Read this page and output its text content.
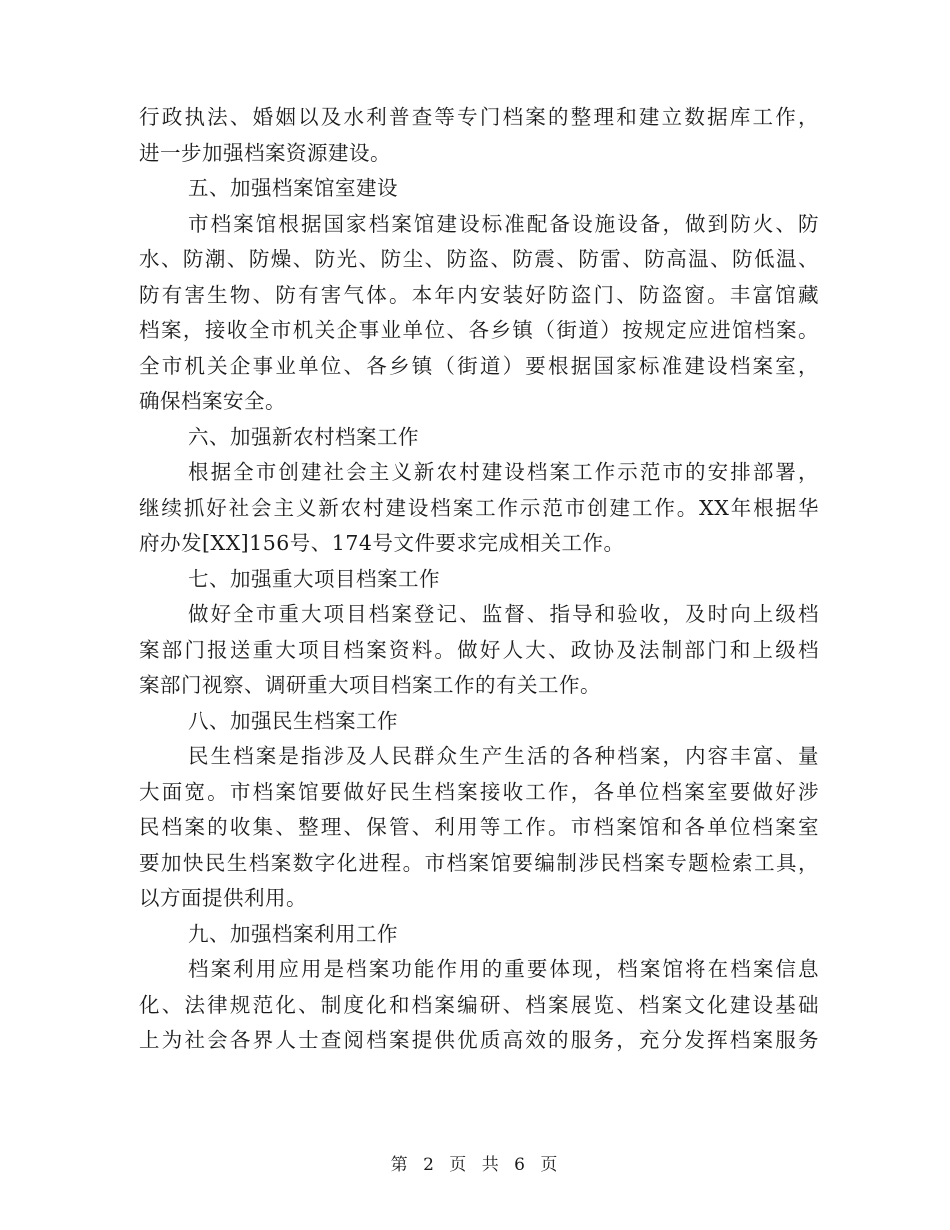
行政执法、婚姻以及水利普查等专门档案的整理和建立数据库工作，
进一步加强档案资源建设。
五、加强档案馆室建设
市档案馆根据国家档案馆建设标准配备设施设备，做到防火、防
水、防潮、防燥、防光、防尘、防盗、防震、防雷、防高温、防低温、
防有害生物、防有害气体。本年内安装好防盗门、防盗窗。丰富馆藏
档案，接收全市机关企事业单位、各乡镇（街道）按规定应进馆档案。
全市机关企事业单位、各乡镇（街道）要根据国家标准建设档案室，
确保档案安全。
六、加强新农村档案工作
根据全市创建社会主义新农村建设档案工作示范市的安排部署，
继续抓好社会主义新农村建设档案工作示范市创建工作。XX年根据华
府办发[XX]156号、174号文件要求完成相关工作。
七、加强重大项目档案工作
做好全市重大项目档案登记、监督、指导和验收，及时向上级档
案部门报送重大项目档案资料。做好人大、政协及法制部门和上级档
案部门视察、调研重大项目档案工作的有关工作。
八、加强民生档案工作
民生档案是指涉及人民群众生产生活的各种档案，内容丰富、量
大面宽。市档案馆要做好民生档案接收工作，各单位档案室要做好涉
民档案的收集、整理、保管、利用等工作。市档案馆和各单位档案室
要加快民生档案数字化进程。市档案馆要编制涉民档案专题检索工具，
以方面提供利用。
九、加强档案利用工作
档案利用应用是档案功能作用的重要体现，档案馆将在档案信息
化、法律规范化、制度化和档案编研、档案展览、档案文化建设基础
上为社会各界人士查阅档案提供优质高效的服务，充分发挥档案服务
第 2 页 共 6 页
